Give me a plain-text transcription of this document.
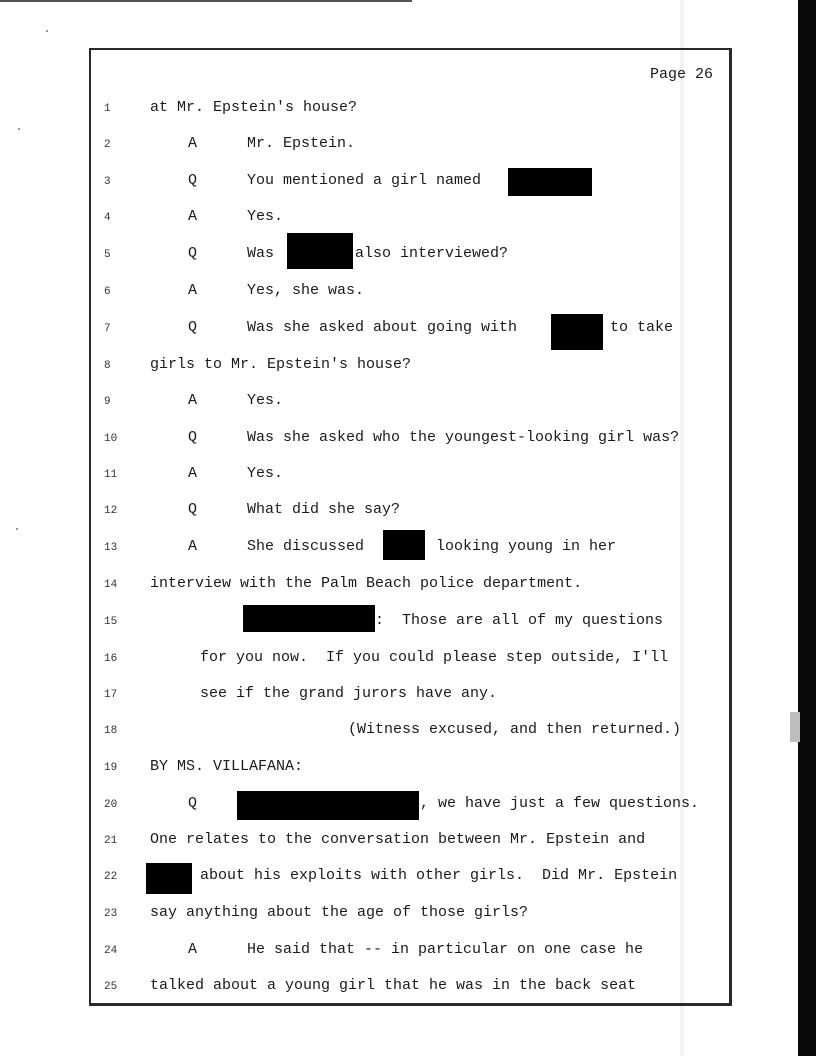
Page 26
1	at Mr. Epstein's house?
2	A	Mr. Epstein.
3	Q	You mentioned a girl named
4	A	Yes.
5	Q	Was	also interviewed?
6	A	Yes, she was.
7	Q	Was she asked about going with	to take
8	girls to Mr. Epstein's house?
9	A	Yes.
10	Q	Was she asked who the youngest-looking girl was?
11	A	Yes.
12	Q	What did she say?
13	A	She discussed	looking young in her
14	interview with the Palm Beach police department.
15	:  Those are all of my questions
16	for you now.  If you could please step outside, I'll
17	see if the grand jurors have any.
18	(Witness excused, and then returned.)
19	BY MS. VILLAFANA:
20	Q	, we have just a few questions.
21	One relates to the conversation between Mr. Epstein and
22	about his exploits with other girls.  Did Mr. Epstein
23	say anything about the age of those girls?
24	A	He said that -- in particular on one case he
25	talked about a young girl that he was in the back seat
